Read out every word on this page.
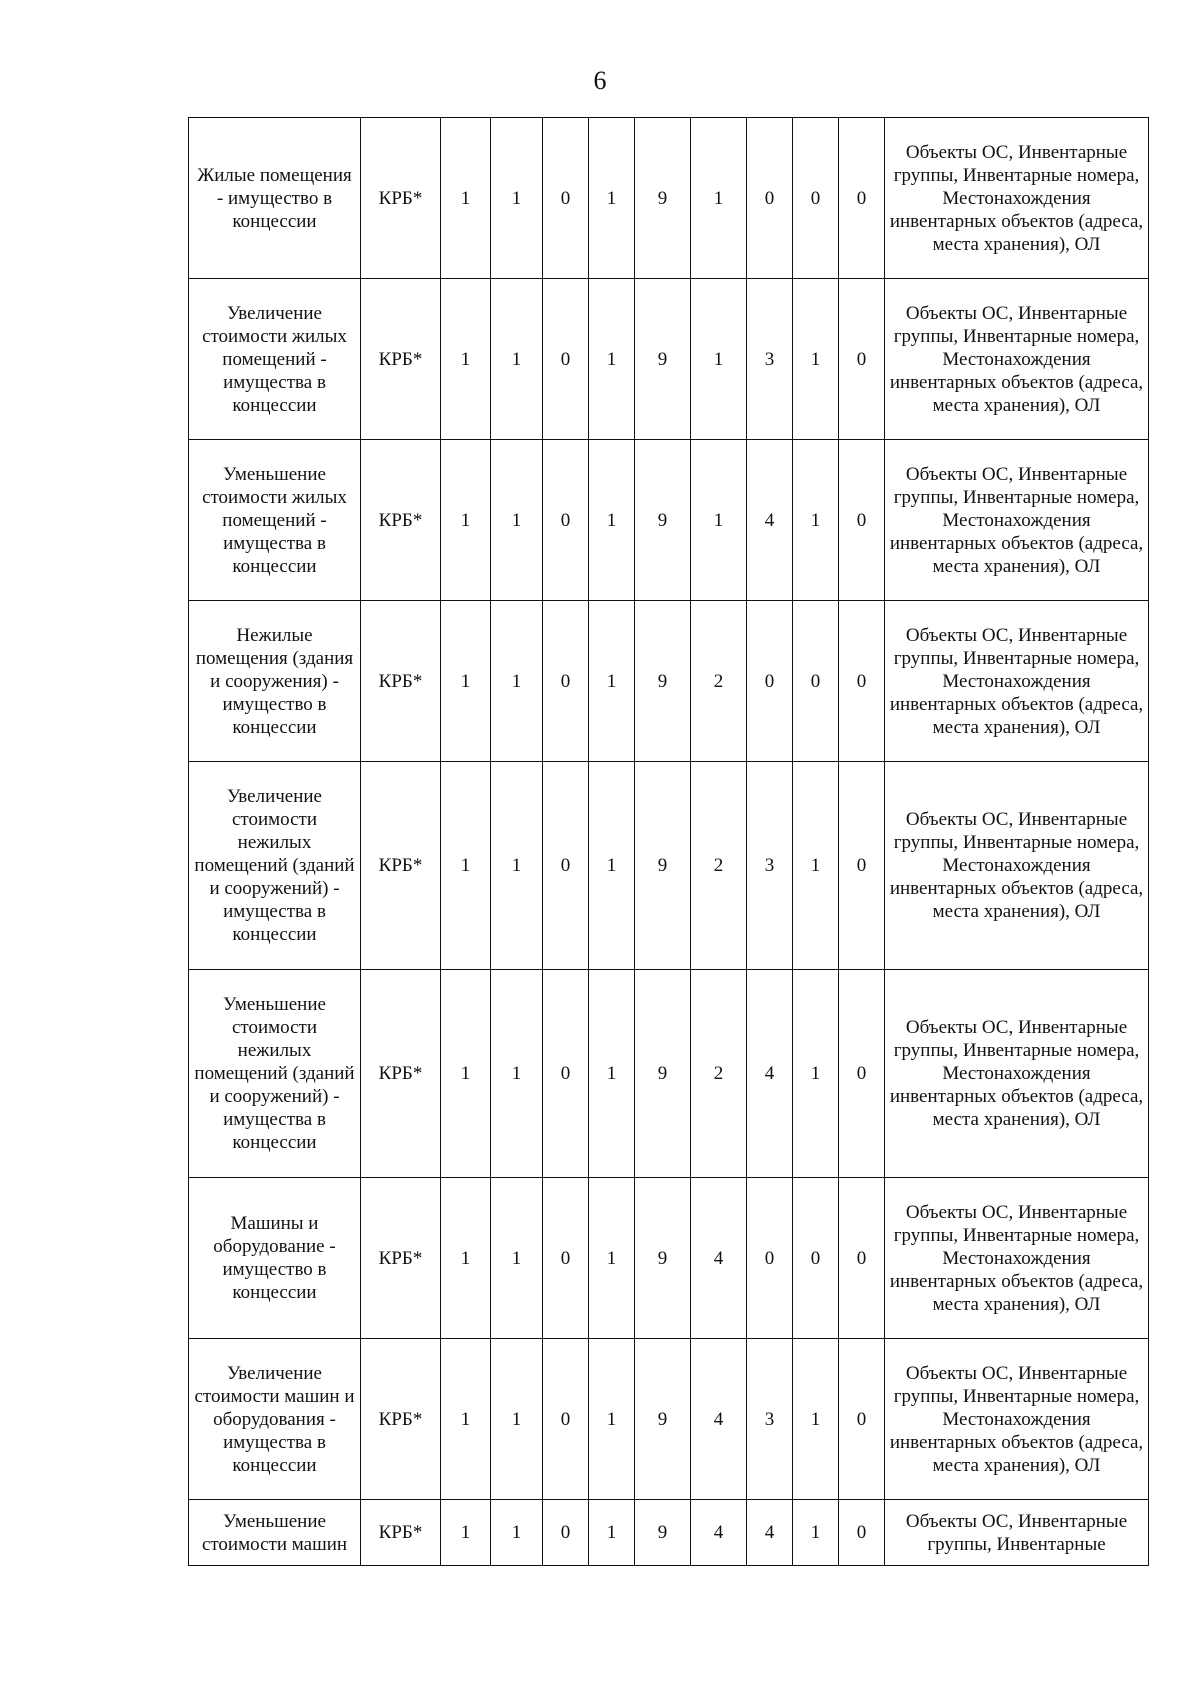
6
Жилые помещения - имущество в концессии	КРБ*	1	1	0	1	9	1	0	0	0	Объекты ОС, Инвентарные группы, Инвентарные номера, Местонахождения инвентарных объектов (адреса, места хранения), ОЛ
Увеличение стоимости жилых помещений - имущества в концессии	КРБ*	1	1	0	1	9	1	3	1	0	Объекты ОС, Инвентарные группы, Инвентарные номера, Местонахождения инвентарных объектов (адреса, места хранения), ОЛ
Уменьшение стоимости жилых помещений - имущества в концессии	КРБ*	1	1	0	1	9	1	4	1	0	Объекты ОС, Инвентарные группы, Инвентарные номера, Местонахождения инвентарных объектов (адреса, места хранения), ОЛ
Нежилые помещения (здания и сооружения) - имущество в концессии	КРБ*	1	1	0	1	9	2	0	0	0	Объекты ОС, Инвентарные группы, Инвентарные номера, Местонахождения инвентарных объектов (адреса, места хранения), ОЛ
Увеличение стоимости нежилых помещений (зданий и сооружений) - имущества в концессии	КРБ*	1	1	0	1	9	2	3	1	0	Объекты ОС, Инвентарные группы, Инвентарные номера, Местонахождения инвентарных объектов (адреса, места хранения), ОЛ
Уменьшение стоимости нежилых помещений (зданий и сооружений) - имущества в концессии	КРБ*	1	1	0	1	9	2	4	1	0	Объекты ОС, Инвентарные группы, Инвентарные номера, Местонахождения инвентарных объектов (адреса, места хранения), ОЛ
Машины и оборудование - имущество в концессии	КРБ*	1	1	0	1	9	4	0	0	0	Объекты ОС, Инвентарные группы, Инвентарные номера, Местонахождения инвентарных объектов (адреса, места хранения), ОЛ
Увеличение стоимости машин и оборудования - имущества в концессии	КРБ*	1	1	0	1	9	4	3	1	0	Объекты ОС, Инвентарные группы, Инвентарные номера, Местонахождения инвентарных объектов (адреса, места хранения), ОЛ
Уменьшение стоимости машин	КРБ*	1	1	0	1	9	4	4	1	0	Объекты ОС, Инвентарные группы, Инвентарные
